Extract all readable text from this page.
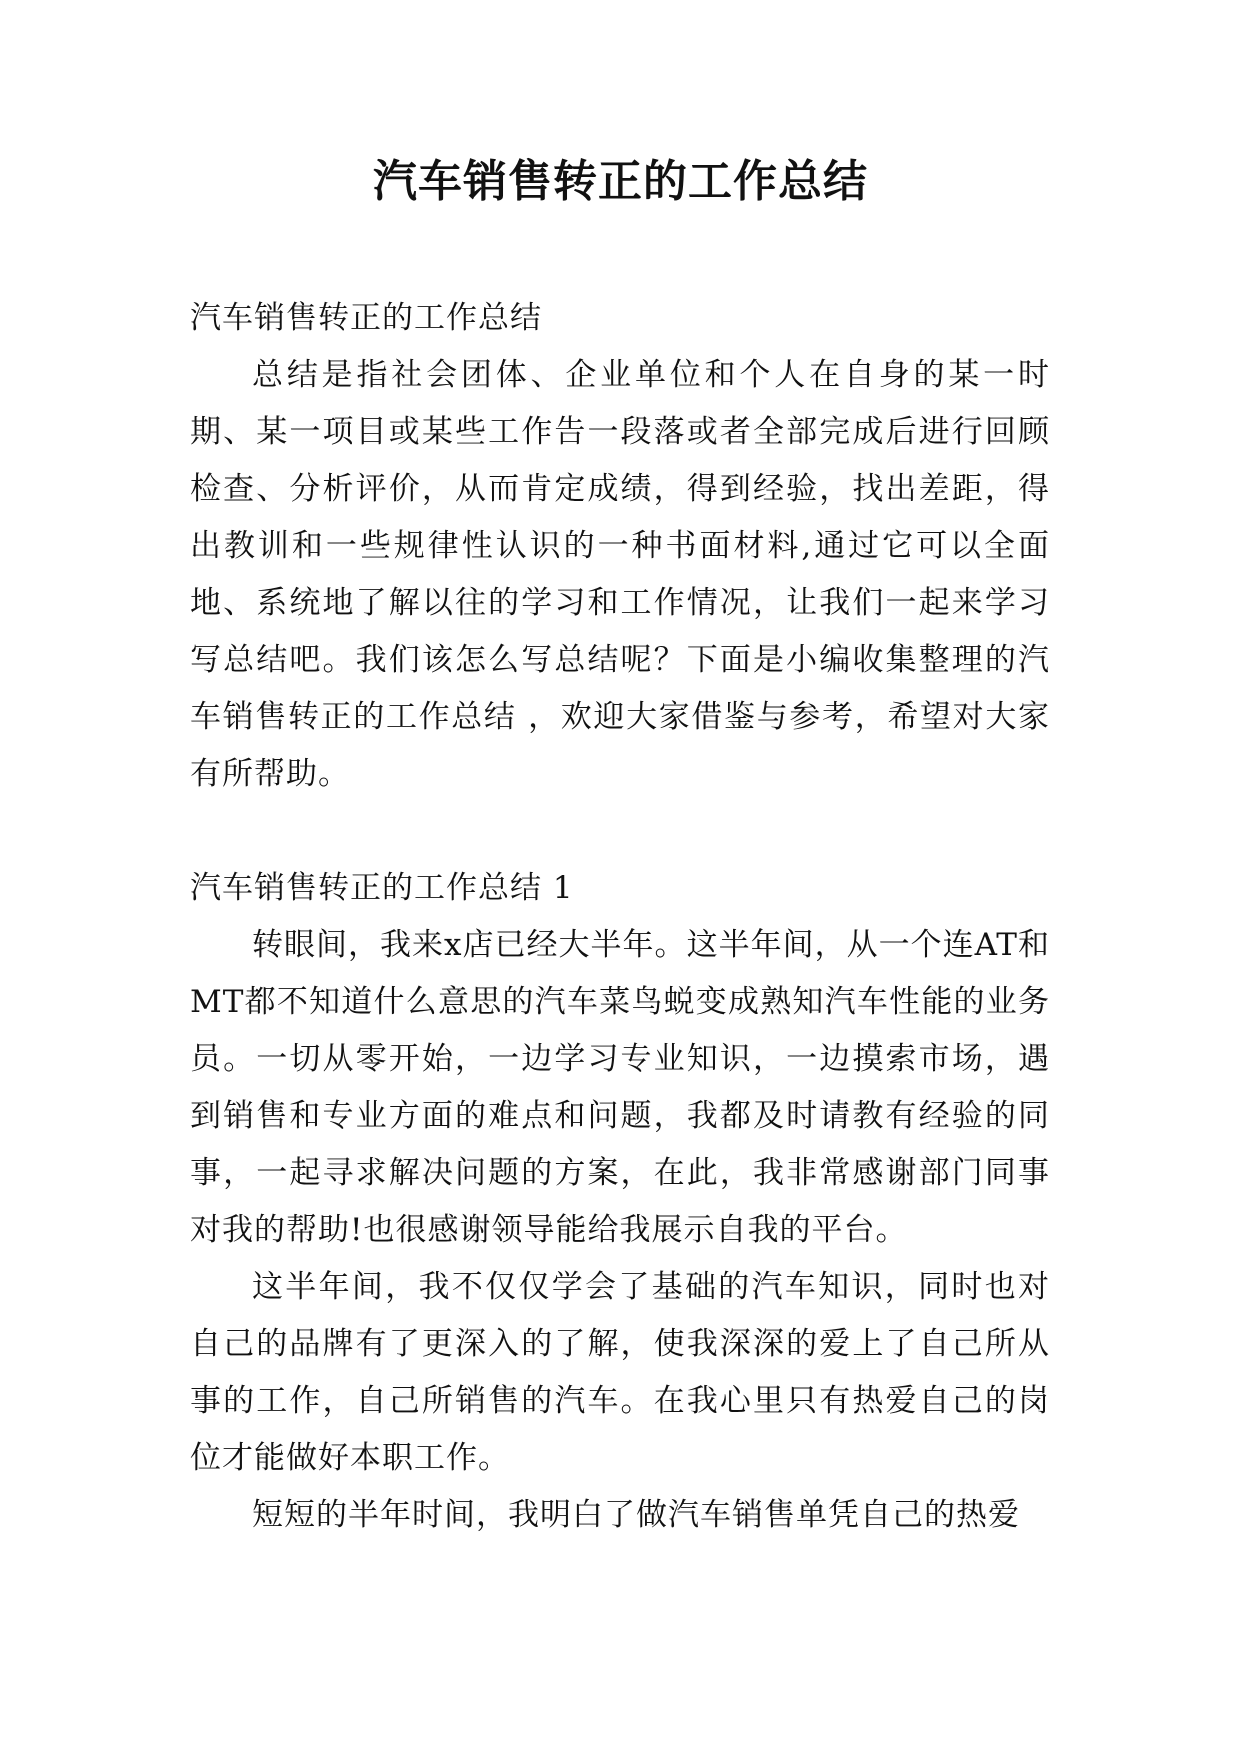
汽车销售转正的工作总结

汽车销售转正的工作总结

总结是指社会团体、企业单位和个人在自身的某一时期、某一项目或某些工作告一段落或者全部完成后进行回顾检查、分析评价，从而肯定成绩，得到经验，找出差距，得出教训和一些规律性认识的一种书面材料,通过它可以全面地、系统地了解以往的学习和工作情况，让我们一起来学习写总结吧。我们该怎么写总结呢？下面是小编收集整理的汽车销售转正的工作总结 ，欢迎大家借鉴与参考，希望对大家有所帮助。

汽车销售转正的工作总结 1

转眼间，我来x店已经大半年。这半年间，从一个连AT和MT都不知道什么意思的汽车菜鸟蜕变成熟知汽车性能的业务员。一切从零开始，一边学习专业知识，一边摸索市场，遇到销售和专业方面的难点和问题，我都及时请教有经验的同事，一起寻求解决问题的方案，在此，我非常感谢部门同事对我的帮助!也很感谢领导能给我展示自我的平台。

这半年间，我不仅仅学会了基础的汽车知识，同时也对自己的品牌有了更深入的了解，使我深深的爱上了自己所从事的工作，自己所销售的汽车。在我心里只有热爱自己的岗位才能做好本职工作。

短短的半年时间，我明白了做汽车销售单凭自己的热爱
